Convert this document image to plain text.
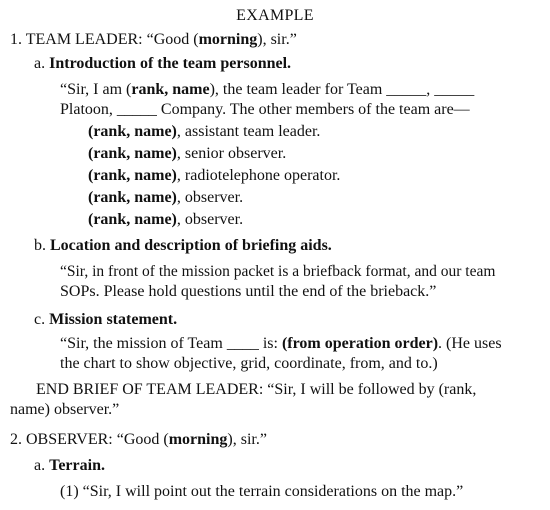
EXAMPLE
1. TEAM LEADER: “Good (morning), sir.”
a. Introduction of the team personnel.
“Sir, I am (rank, name), the team leader for Team _____, _____
Platoon, _____ Company. The other members of the team are—
(rank, name), assistant team leader.
(rank, name), senior observer.
(rank, name), radiotelephone operator.
(rank, name), observer.
(rank, name), observer.
b. Location and description of briefing aids.
“Sir, in front of the mission packet is a briefback format, and our team
SOPs. Please hold questions until the end of the brieback.”
c. Mission statement.
“Sir, the mission of Team ____ is: (from operation order). (He uses
the chart to show objective, grid, coordinate, from, and to.)
END BRIEF OF TEAM LEADER: “Sir, I will be followed by (rank,
name) observer.”
2. OBSERVER: “Good (morning), sir.”
a. Terrain.
(1) “Sir, I will point out the terrain considerations on the map.”
